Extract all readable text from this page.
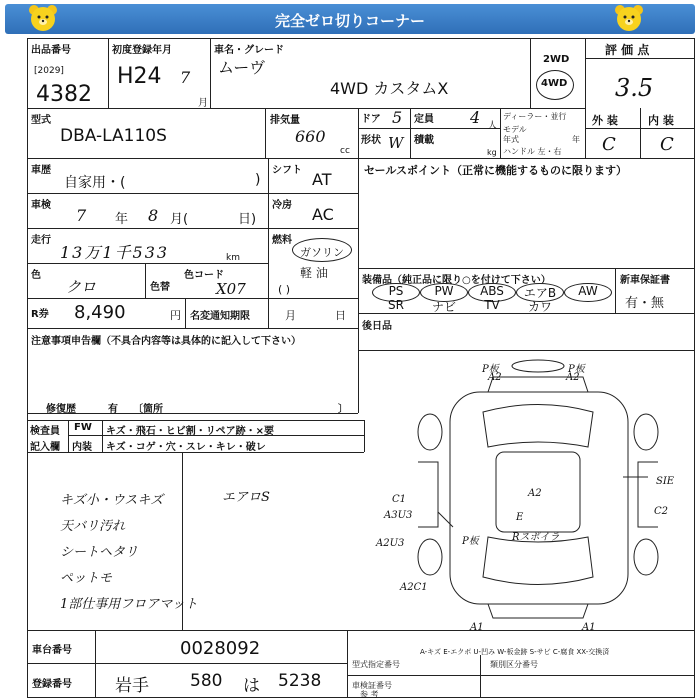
完全ゼロ切りコーナー
出品番号
[2029]
4382
初度登録年月
H24 7
月
車名・グレード
ムーヴ
4WD カスタムX
2WD
4WD
評 価 点
3.5
型式
DBA-LA110S
排気量
660
cc
ドア 5 定員 4 人
形状 W 積載
kg
ディーラー・並行
モデル
年式	年
ハンドル 左・右
外 装	内 装
C C
車歴
自家用・(	)
シフト AT
車検
7 年 8 月(	日)
冷房 AC
走行
13万1千533	km
燃料
ガソリン
軽 油
( )
色
クロ	色替
色コード
X07
R券 8,490	円 名変通知期限	月	日
セールスポイント（正常に機能するものに限ります）
装備品（純正品に限り○を付けて下さい）	新車保証書
有・無
PS	PW	ABS	エアB	AW
SR	ナビ	TV	カワ
後日品
注意事項申告欄（不具合内容等は具体的に記入して下さい）
修復歴	有 〔箇所	〕
検査員
記入欄
FW キズ・飛石・ヒビ割・リペア跡・×要
内装 キズ・コゲ・穴・スレ・キレ・破レ
キズ小・ウスキズ
天バリ汚れ
シートヘタリ
ペットモ
1部仕事用フロアマット
エアロS
P板	P板
A2	A2
SIE
C1
A3U3
A2
C2
E
A2U3	P板	Rスポイラ
A2C1
A1	A1
A-キズ E-エクボ U-凹み W-板金跡 S-サビ C-腐食 XX-交換済
車台番号	0028092
登録番号	岩手 580 は 5238
型式指定番号	類別区分番号
車検証番号
参 考
